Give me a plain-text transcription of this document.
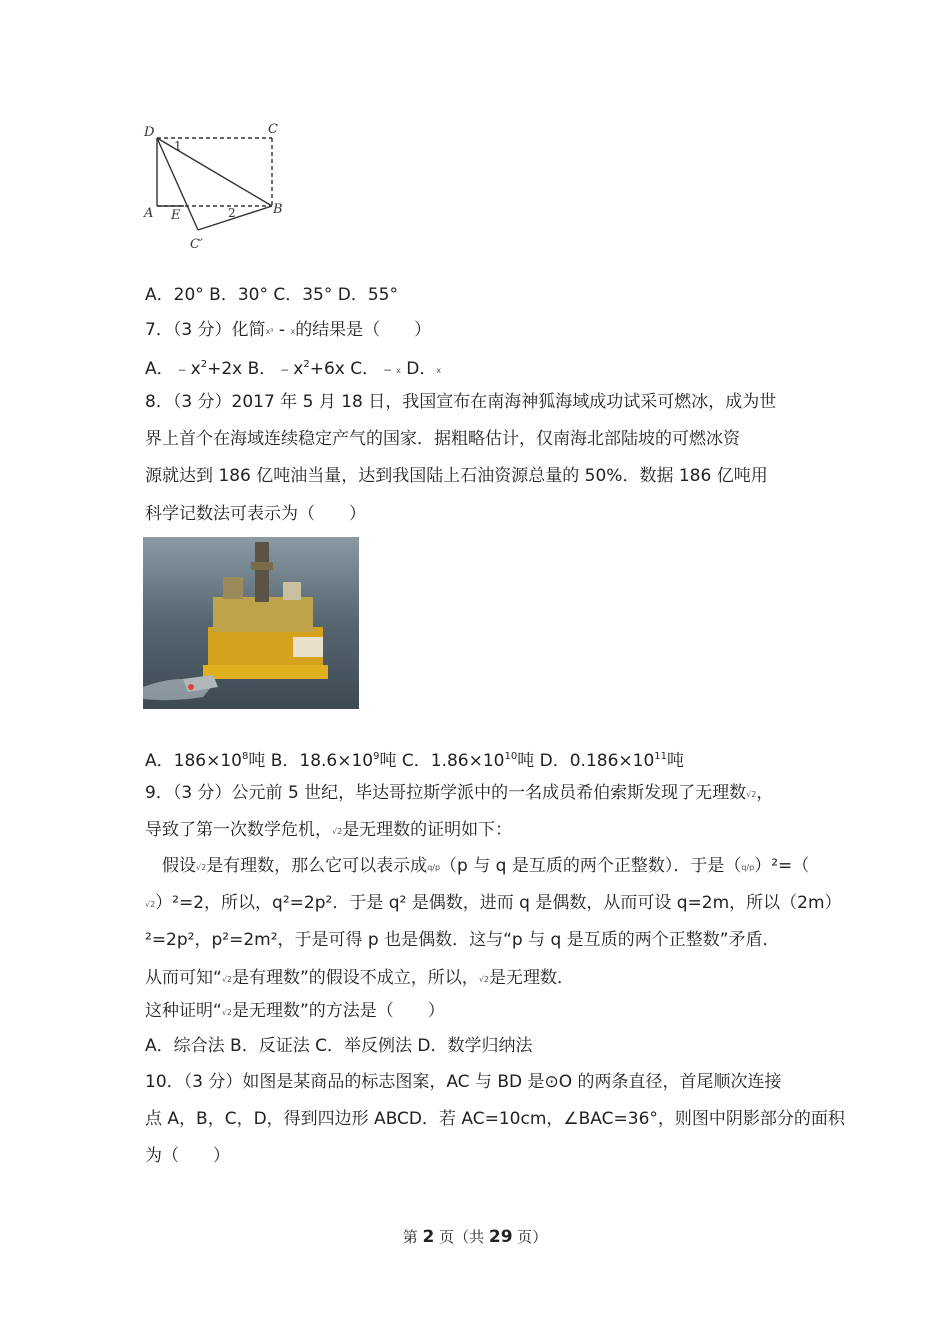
D	C
1
A E	2	B
C′
A．20° B．30° C．35° D．55°
7．（3 分）化简x³ - x的结果是（　　）
A．$﹣x^2+2x$ B．$﹣x^2+6x$ C．﹣x D．x
8．（3 分）2017 年 5 月 18 日，我国宣布在南海神狐海域成功试采可燃冰，成为世
界上首个在海域连续稳定产气的国家．据粗略估计，仅南海北部陆坡的可燃冰资
源就达到 186 亿吨油当量，达到我国陆上石油资源总量的 50%．数据 186 亿吨用
科学记数法可表示为（　　）
A．$186\times 10^8$吨 B．$18.6\times 10^9$吨 C．$1.86\times 10^{10}$吨 D．$0.186\times 10^{11}$吨
9．（3 分）公元前 5 世纪，毕达哥拉斯学派中的一名成员希伯索斯发现了无理数√2，
导致了第一次数学危机，√2是无理数的证明如下：
　假设√2是有理数，那么它可以表示成q/p（p 与 q 是互质的两个正整数）．于是（q/p）²=（
√2）²=2，所以，q²=2p²．于是 q² 是偶数，进而 q 是偶数，从而可设 q=2m，所以（2m）
²=2p²，p²=2m²，于是可得 p 也是偶数．这与“p 与 q 是互质的两个正整数”矛盾．
从而可知“√2是有理数”的假设不成立，所以，√2是无理数．
这种证明“√2是无理数”的方法是（　　）
A．综合法 B．反证法 C．举反例法 D．数学归纳法
10．（3 分）如图是某商品的标志图案，AC 与 BD 是⊙O 的两条直径，首尾顺次连接
点 A，B，C，D，得到四边形 ABCD．若 AC=10cm，∠BAC=36°，则图中阴影部分的面积
为（　　）
第 2 页（共 29 页）
